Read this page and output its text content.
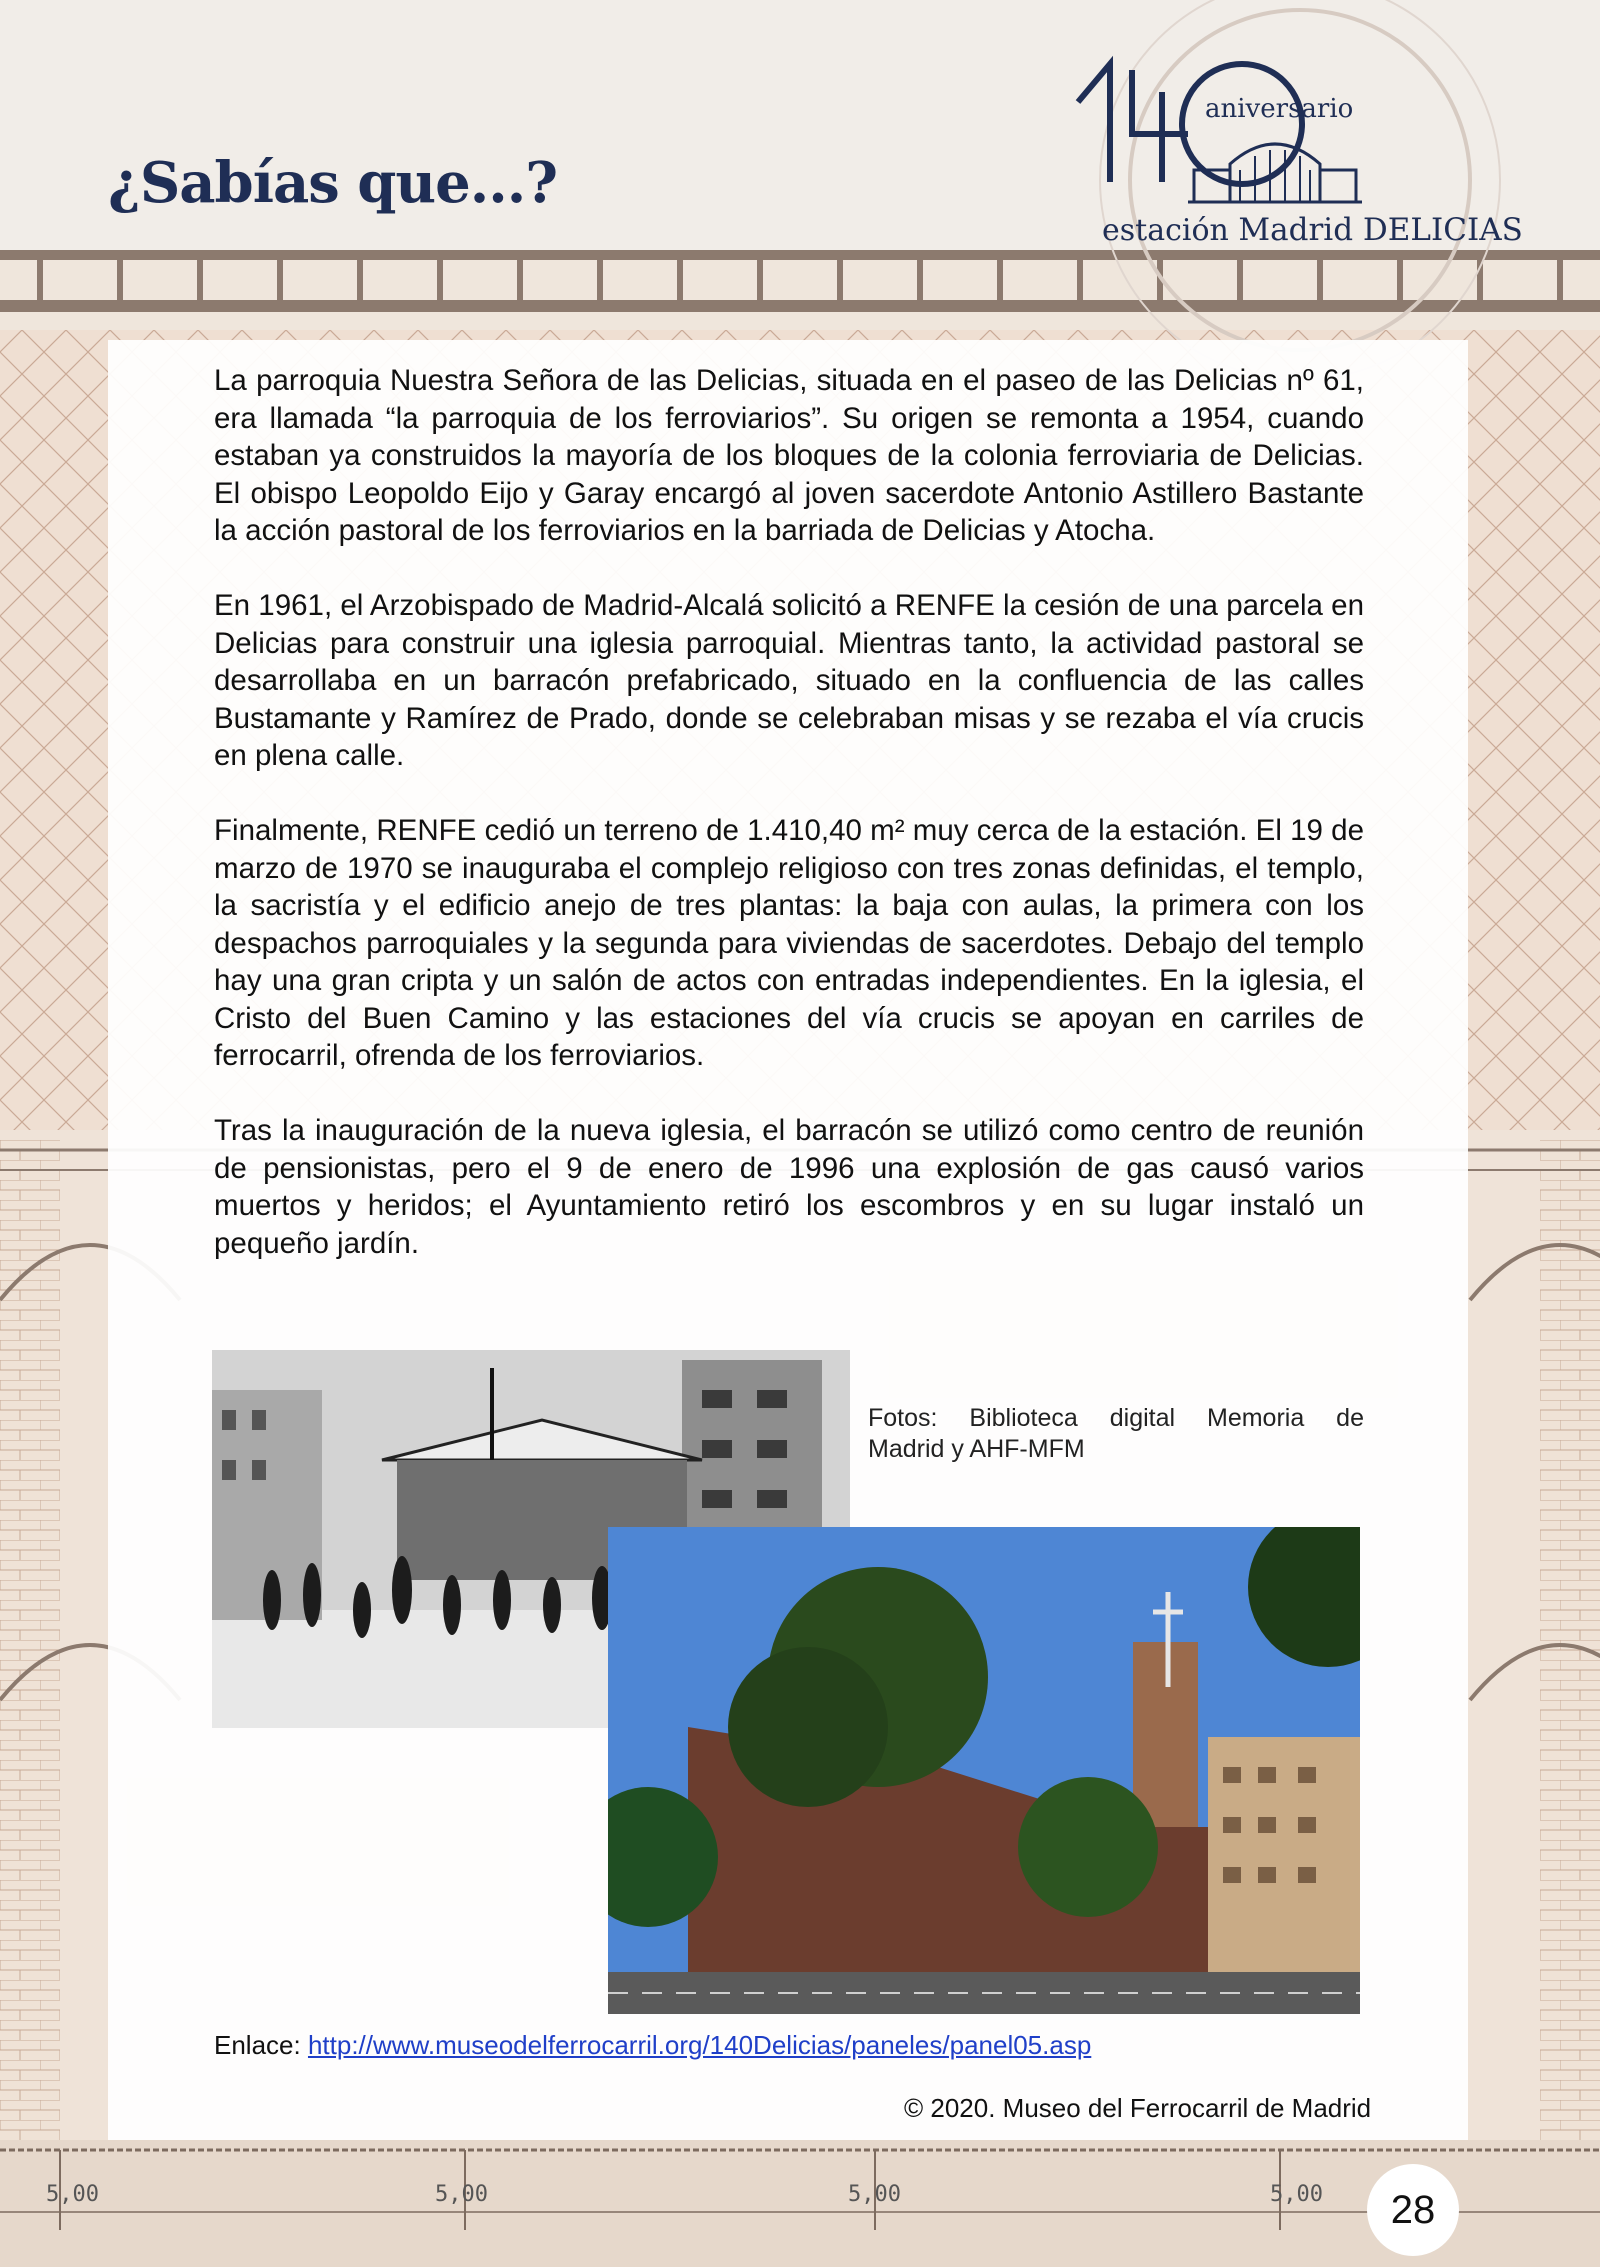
5,00	5,00	5,00	5,00
¿Sabías que...?
aniversario
estación Madrid DELICIAS

La parroquia Nuestra Señora de las Delicias, situada en el paseo de las Delicias nº 61, era llamada “la parroquia de los ferroviarios”. Su origen se remonta a 1954, cuando estaban ya construidos la mayoría de los bloques de la colonia ferroviaria de Delicias. El obispo Leopoldo Eijo y Garay encargó al joven sacerdote Antonio Astillero Bastante la acción pastoral de los ferroviarios en la barriada de Delicias y Atocha.

En 1961, el Arzobispado de Madrid-Alcalá solicitó a RENFE la cesión de una parcela en Delicias para construir una iglesia parroquial. Mientras tanto, la actividad pastoral se desarrollaba en un barracón prefabricado, situado en la confluencia de las calles Bustamante y Ramírez de Prado, donde se celebraban misas y se rezaba el vía crucis en plena calle.

Finalmente, RENFE cedió un terreno de 1.410,40 m² muy cerca de la estación. El 19 de marzo de 1970 se inauguraba el complejo religioso con tres zonas definidas, el templo, la sacristía y el edificio anejo de tres plantas: la baja con aulas, la primera con los despachos parroquiales y la segunda para viviendas de sacerdotes. Debajo del templo hay una gran cripta y un salón de actos con entradas independientes. En la iglesia, el Cristo del Buen Camino y las estaciones del vía crucis se apoyan en carriles de ferrocarril, ofrenda de los ferroviarios.

Tras la inauguración de la nueva iglesia, el barracón se utilizó como centro de reunión de pensionistas, pero el 9 de enero de 1996 una explosión de gas causó varios muertos y heridos; el Ayuntamiento retiró los escombros y en su lugar instaló un pequeño jardín.

Fotos: Biblioteca digital Memoria de
Madrid y AHF-MFM
Enlace: http://www.museodelferrocarril.org/140Delicias/paneles/panel05.asp
© 2020. Museo del Ferrocarril de Madrid
28
